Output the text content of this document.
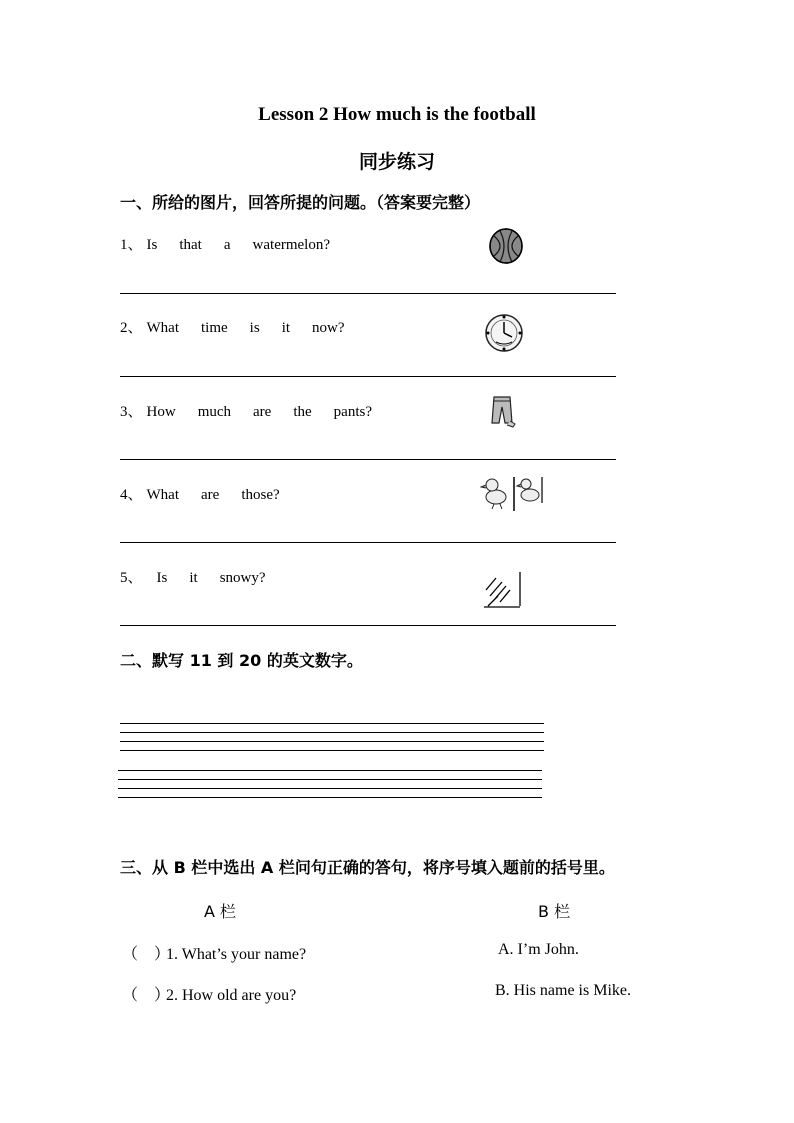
Lesson 2 How much is the football
同步练习
一、所给的图片，回答所提的问题。（答案要完整）
1、 Is that a watermelon?
2、 What time is it now?
3、 How much are the pants?
4、 What are those?
5、 Is it snowy?
二、默写 11 到 20 的英文数字。
三、从 B 栏中选出 A 栏问句正确的答句，将序号填入题前的括号里。
A 栏	B 栏
（　）1. What’s your name?	A. I’m John.
（　）2. How old are you?	B. His name is Mike.
